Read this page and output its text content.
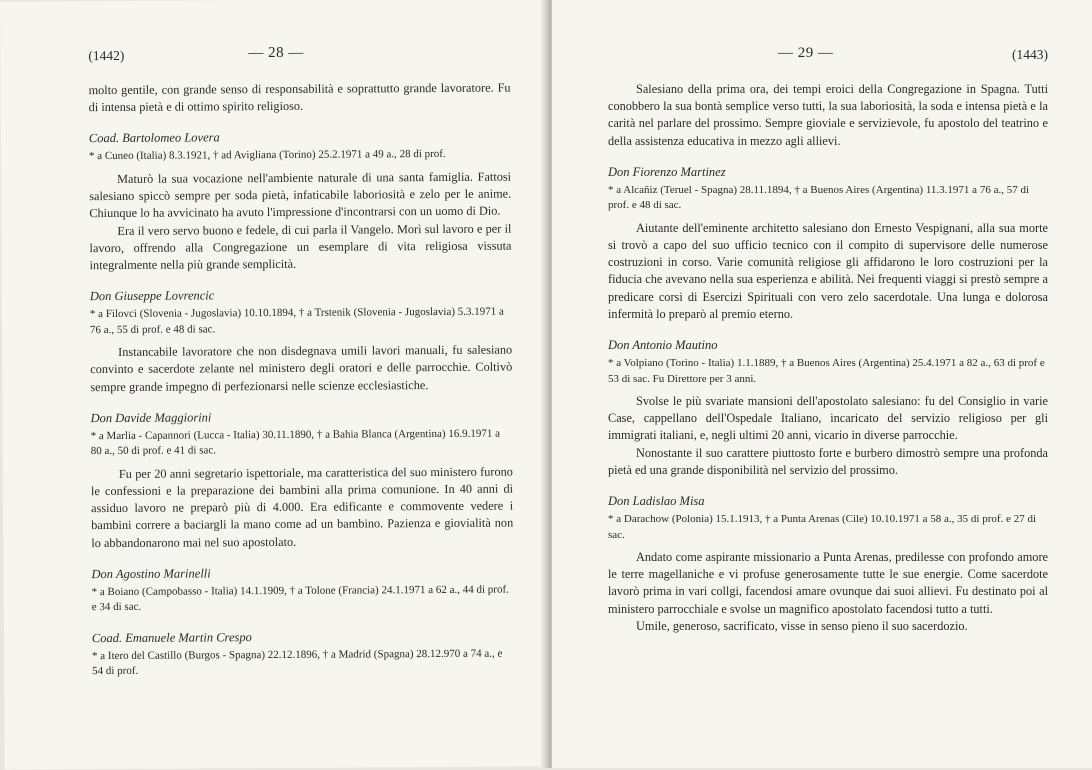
(1442)	— 28 —

molto gentile, con grande senso di responsabilità e soprattutto grande lavoratore. Fu di intensa pietà e di ottimo spirito religioso.

Coad. Bartolomeo Lovera
* a Cuneo (Italia) 8.3.1921, † ad Avigliana (Torino) 25.2.1971 a 49 a., 28 di prof.

Maturò la sua vocazione nell'ambiente naturale di una santa famiglia. Fattosi salesiano spiccò sempre per soda pietà, infaticabile laboriosità e zelo per le anime. Chiunque lo ha avvicinato ha avuto l'impressione d'incontrarsi con un uomo di Dio.

Era il vero servo buono e fedele, di cui parla il Vangelo. Morì sul lavoro e per il lavoro, offrendo alla Congregazione un esemplare di vita religiosa vissuta integralmente nella più grande semplicità.

Don Giuseppe Lovrencic
* a Filovci (Slovenia - Jugoslavia) 10.10.1894, † a Trstenik (Slovenia - Jugoslavia) 5.3.1971 a 76 a., 55 di prof. e 48 di sac.

Instancabile lavoratore che non disdegnava umili lavori manuali, fu salesiano convinto e sacerdote zelante nel ministero degli oratori e delle parrocchie. Coltivò sempre grande impegno di perfezionarsi nelle scienze ecclesiastiche.

Don Davide Maggiorini
* a Marlia - Capannori (Lucca - Italia) 30.11.1890, † a Bahia Blanca (Argentina) 16.9.1971 a 80 a., 50 di prof. e 41 di sac.

Fu per 20 anni segretario ispettoriale, ma caratteristica del suo ministero furono le confessioni e la preparazione dei bambini alla prima comunione. In 40 anni di assiduo lavoro ne preparò più di 4.000. Era edificante e commovente vedere i bambini correre a baciargli la mano come ad un bambino. Pazienza e giovialità non lo abbandonarono mai nel suo apostolato.

Don Agostino Marinelli
* a Boiano (Campobasso - Italia) 14.1.1909, † a Tolone (Francia) 24.1.1971 a 62 a., 44 di prof. e 34 di sac.
Coad. Emanuele Martin Crespo
* a Itero del Castillo (Burgos - Spagna) 22.12.1896, † a Madrid (Spagna) 28.12.970 a 74 a., e 54 di prof.
— 29 —	(1443)

Salesiano della prima ora, dei tempi eroici della Congregazione in Spagna. Tutti conobbero la sua bontà semplice verso tutti, la sua laboriosità, la soda e intensa pietà e la carità nel parlare del prossimo. Sempre gioviale e servizievole, fu apostolo del teatrino e della assistenza educativa in mezzo agli allievi.

Don Fiorenzo Martinez
* a Alcañiz (Teruel - Spagna) 28.11.1894, † a Buenos Aires (Argentina) 11.3.1971 a 76 a., 57 di prof. e 48 di sac.

Aiutante dell'eminente architetto salesiano don Ernesto Vespignani, alla sua morte si trovò a capo del suo ufficio tecnico con il compito di supervisore delle numerose costruzioni in corso. Varie comunità religiose gli affidarono le loro costruzioni per la fiducia che avevano nella sua esperienza e abilità. Nei frequenti viaggi si prestò sempre a predicare corsi di Esercizi Spirituali con vero zelo sacerdotale. Una lunga e dolorosa infermità lo preparò al premio eterno.

Don Antonio Mautino
* a Volpiano (Torino - Italia) 1.1.1889, † a Buenos Aires (Argentina) 25.4.1971 a 82 a., 63 di prof e 53 di sac. Fu Direttore per 3 anni.

Svolse le più svariate mansioni dell'apostolato salesiano: fu del Consiglio in varie Case, cappellano dell'Ospedale Italiano, incaricato del servizio religioso per gli immigrati italiani, e, negli ultimi 20 anni, vicario in diverse parrocchie.

Nonostante il suo carattere piuttosto forte e burbero dimostrò sempre una profonda pietà ed una grande disponibilità nel servizio del prossimo.

Don Ladislao Misa
* a Darachow (Polonia) 15.1.1913, † a Punta Arenas (Cile) 10.10.1971 a 58 a., 35 di prof. e 27 di sac.

Andato come aspirante missionario a Punta Arenas, predilesse con profondo amore le terre magellaniche e vi profuse generosamente tutte le sue energie. Come sacerdote lavorò prima in vari collgi, facendosi amare ovunque dai suoi allievi. Fu destinato poi al ministero parrocchiale e svolse un magnifico apostolato facendosi tutto a tutti.

Umile, generoso, sacrificato, visse in senso pieno il suo sacerdozio.
